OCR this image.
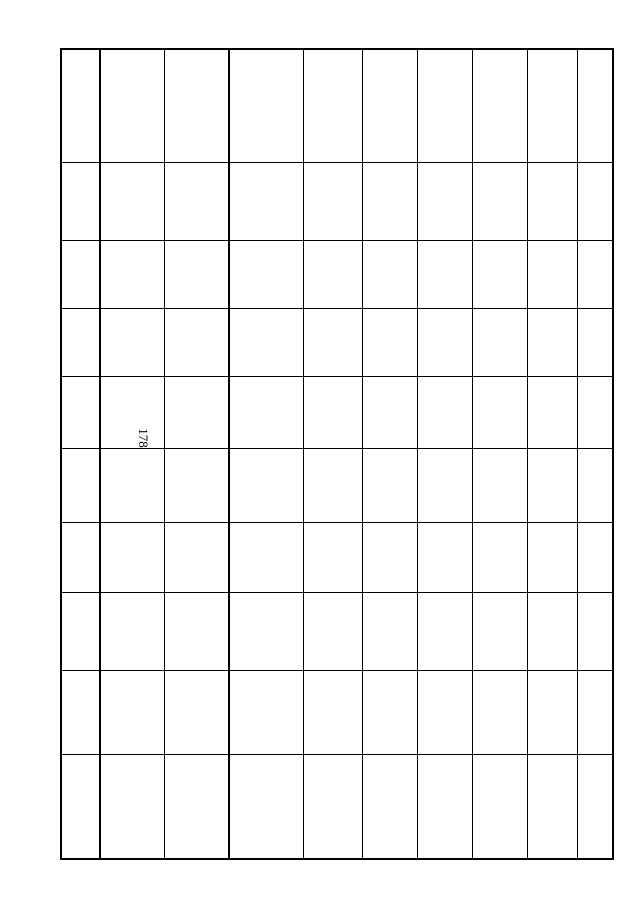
178
